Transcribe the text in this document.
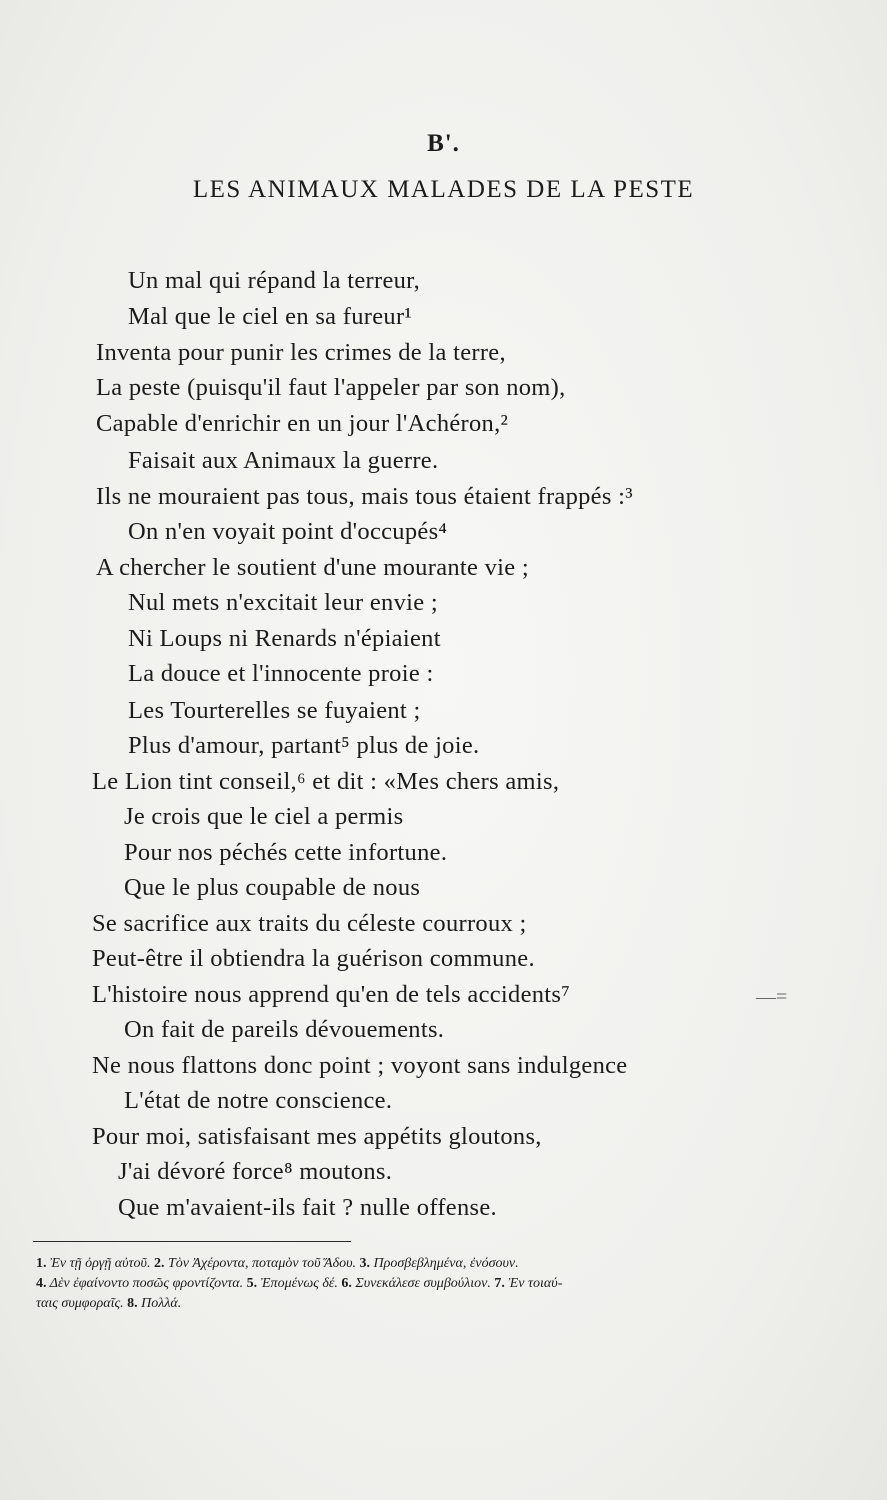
B'.
LES ANIMAUX MALADES DE LA PESTE
Un mal qui répand la terreur,
Mal que le ciel en sa fureur¹
Inventa pour punir les crimes de la terre,
La peste (puisqu'il faut l'appeler par son nom),
Capable d'enrichir en un jour l'Achéron,²
Faisait aux Animaux la guerre.
Ils ne mouraient pas tous, mais tous étaient frappés :³
On n'en voyait point d'occupés⁴
A chercher le soutient d'une mourante vie ;
Nul mets n'excitait leur envie ;
Ni Loups ni Renards n'épiaient
La douce et l'innocente proie :
Les Tourterelles se fuyaient ;
Plus d'amour, partant⁵ plus de joie.
Le Lion tint conseil,⁶ et dit : «Mes chers amis,
Je crois que le ciel a permis
Pour nos péchés cette infortune.
Que le plus coupable de nous
Se sacrifice aux traits du céleste courroux ;
Peut-être il obtiendra la guérison commune.
L'histoire nous apprend qu'en de tels accidents⁷
On fait de pareils dévouements.
Ne nous flattons donc point ; voyont sans indulgence
L'état de notre conscience.
Pour moi, satisfaisant mes appétits gloutons,
J'ai dévoré force⁸ moutons.
Que m'avaient-ils fait ? nulle offense.
1. Ἐν τῇ ὀργῇ αὐτοῦ. 2. Τὸν Ἀχέροντα, ποταμὸν τοῦ Ἅδου. 3. Προσβεβλημένα, ἐνόσουν.
4. Δὲν ἐφαίνοντο ποσῶς φροντίζοντα. 5. Ἐπομένως δέ. 6. Συνεκάλεσε συμβούλιον. 7. Ἐν τοιαύ-
ταις συμφοραῖς. 8. Πολλά.
—=
